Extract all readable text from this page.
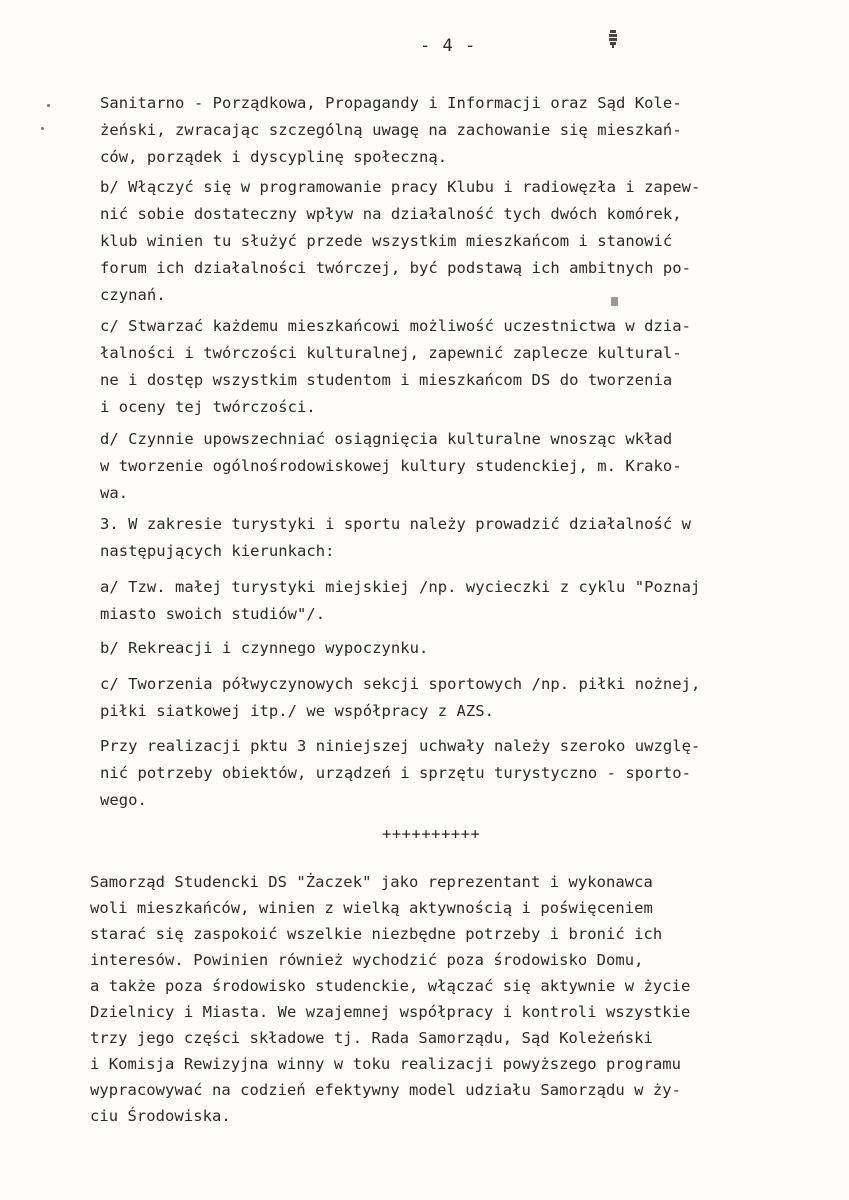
- 4 -

Sanitarno - Porządkowa, Propagandy i Informacji oraz Sąd Kole-

żeński, zwracając szczególną uwagę na zachowanie się mieszkań-

ców, porządek i dyscyplinę społeczną.

b/ Włączyć się w programowanie pracy Klubu i radiowęzła i zapew-

nić sobie dostateczny wpływ na działalność tych dwóch komórek,

klub winien tu służyć przede wszystkim mieszkańcom i stanowić

forum ich działalności twórczej, być podstawą ich ambitnych po-

czynań.

c/ Stwarzać każdemu mieszkańcowi możliwość uczestnictwa w dzia-

łalności i twórczości kulturalnej, zapewnić zaplecze kultural-

ne i dostęp wszystkim studentom i mieszkańcom DS do tworzenia

i oceny tej twórczości.

d/ Czynnie upowszechniać osiągnięcia kulturalne wnosząc wkład

w tworzenie ogólnośrodowiskowej kultury studenckiej, m. Krako-

wa.

3. W zakresie turystyki i sportu należy prowadzić działalność w

następujących kierunkach:

a/ Tzw. małej turystyki miejskiej /np. wycieczki z cyklu "Poznaj

miasto swoich studiów"/.

b/ Rekreacji i czynnego wypoczynku.

c/ Tworzenia półwyczynowych sekcji sportowych /np. piłki nożnej,

piłki siatkowej itp./ we współpracy z AZS.

Przy realizacji pktu 3 niniejszej uchwały należy szeroko uwzglę-

nić potrzeby obiektów, urządzeń i sprzętu turystyczno - sporto-

wego.

++++++++++

Samorząd Studencki DS "Żaczek" jako reprezentant i wykonawca

woli mieszkańców, winien z wielką aktywnością i poświęceniem

starać się zaspokoić wszelkie niezbędne potrzeby i bronić ich

interesów. Powinien również wychodzić poza środowisko Domu,

a także poza środowisko studenckie, włączać się aktywnie w życie

Dzielnicy i Miasta. We wzajemnej współpracy i kontroli wszystkie

trzy jego części składowe tj. Rada Samorządu, Sąd Koleżeński

i Komisja Rewizyjna winny w toku realizacji powyższego programu

wypracowywać na codzień efektywny model udziału Samorządu w ży-

ciu Środowiska.
